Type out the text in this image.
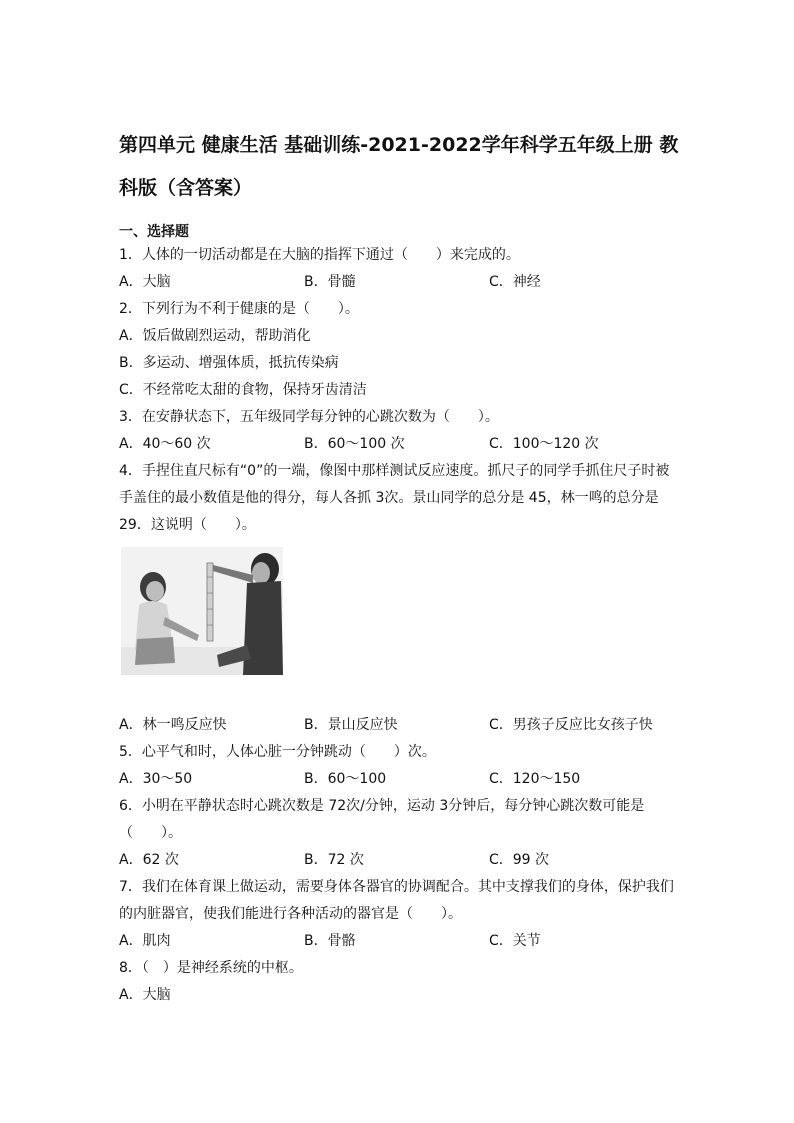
第四单元 健康生活 基础训练-2021-2022学年科学五年级上册 教科版（含答案）
一、选择题
1．人体的一切活动都是在大脑的指挥下通过（　　）来完成的。
A．大脑	B．骨髓	C．神经
2．下列行为不利于健康的是（　　）。
A．饭后做剧烈运动，帮助消化
B．多运动、增强体质，抵抗传染病
C．不经常吃太甜的食物，保持牙齿清洁
3．在安静状态下，五年级同学每分钟的心跳次数为（　　）。
A．40～60 次	B．60～100 次	C．100～120 次
4．手捏住直尺标有“0”的一端，像图中那样测试反应速度。抓尺子的同学手抓住尺子时被
手盖住的最小数值是他的得分，每人各抓 3次。景山同学的总分是 45，林一鸣的总分是
29．这说明（　　）。
A．林一鸣反应快	B．景山反应快	C．男孩子反应比女孩子快
5．心平气和时，人体心脏一分钟跳动（　　）次。
A．30～50	B．60～100	C．120～150
6．小明在平静状态时心跳次数是 72次/分钟，运动 3分钟后，每分钟心跳次数可能是
（　　）。
A．62 次	B．72 次	C．99 次
7．我们在体育课上做运动，需要身体各器官的协调配合。其中支撑我们的身体，保护我们
的内脏器官，使我们能进行各种活动的器官是（　　）。
A．肌肉	B．骨骼	C．关节
8．（　）是神经系统的中枢。
A．大脑
